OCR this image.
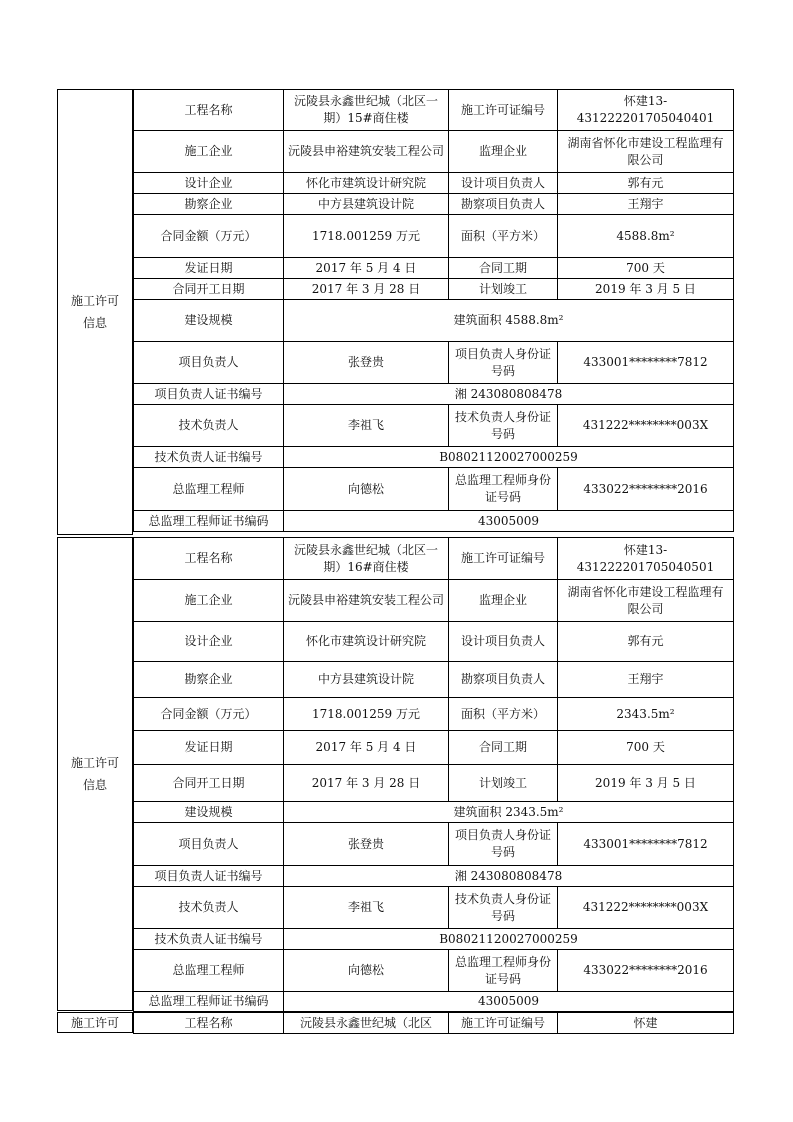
施工许可信息
工程名称	沅陵县永鑫世纪城（北区一期）15#商住楼	施工许可证编号	怀建13-431222201705040401
施工企业	沅陵县申裕建筑安装工程公司	监理企业	湖南省怀化市建设工程监理有限公司
设计企业	怀化市建筑设计研究院	设计项目负责人	郭有元
勘察企业	中方县建筑设计院	勘察项目负责人	王翔宇
合同金额（万元）	1718.001259 万元	面积（平方米）	4588.8m²
发证日期	2017 年 5 月 4 日	合同工期	700 天
合同开工日期	2017 年 3 月 28 日	计划竣工	2019 年 3 月 5 日
建设规模	建筑面积 4588.8m²		
项目负责人	张登贵	项目负责人身份证号码	433001********7812
项目负责人证书编号	湘 243080808478		
技术负责人	李祖飞	技术负责人身份证号码	431222********003X
技术负责人证书编号	B08021120027000259		
总监理工程师	向德松	总监理工程师身份证号码	433022********2016
总监理工程师证书编码	43005009		
施工许可信息
工程名称	沅陵县永鑫世纪城（北区一期）16#商住楼	施工许可证编号	怀建13-431222201705040501
施工企业	沅陵县申裕建筑安装工程公司	监理企业	湖南省怀化市建设工程监理有限公司
设计企业	怀化市建筑设计研究院	设计项目负责人	郭有元
勘察企业	中方县建筑设计院	勘察项目负责人	王翔宇
合同金额（万元）	1718.001259 万元	面积（平方米）	2343.5m²
发证日期	2017 年 5 月 4 日	合同工期	700 天
合同开工日期	2017 年 3 月 28 日	计划竣工	2019 年 3 月 5 日
建设规模	建筑面积 2343.5m²		
项目负责人	张登贵	项目负责人身份证号码	433001********7812
项目负责人证书编号	湘 243080808478		
技术负责人	李祖飞	技术负责人身份证号码	431222********003X
技术负责人证书编号	B08021120027000259		
总监理工程师	向德松	总监理工程师身份证号码	433022********2016
总监理工程师证书编码	43005009		
施工许可	工程名称	沅陵县永鑫世纪城（北区	施工许可证编号	怀建
